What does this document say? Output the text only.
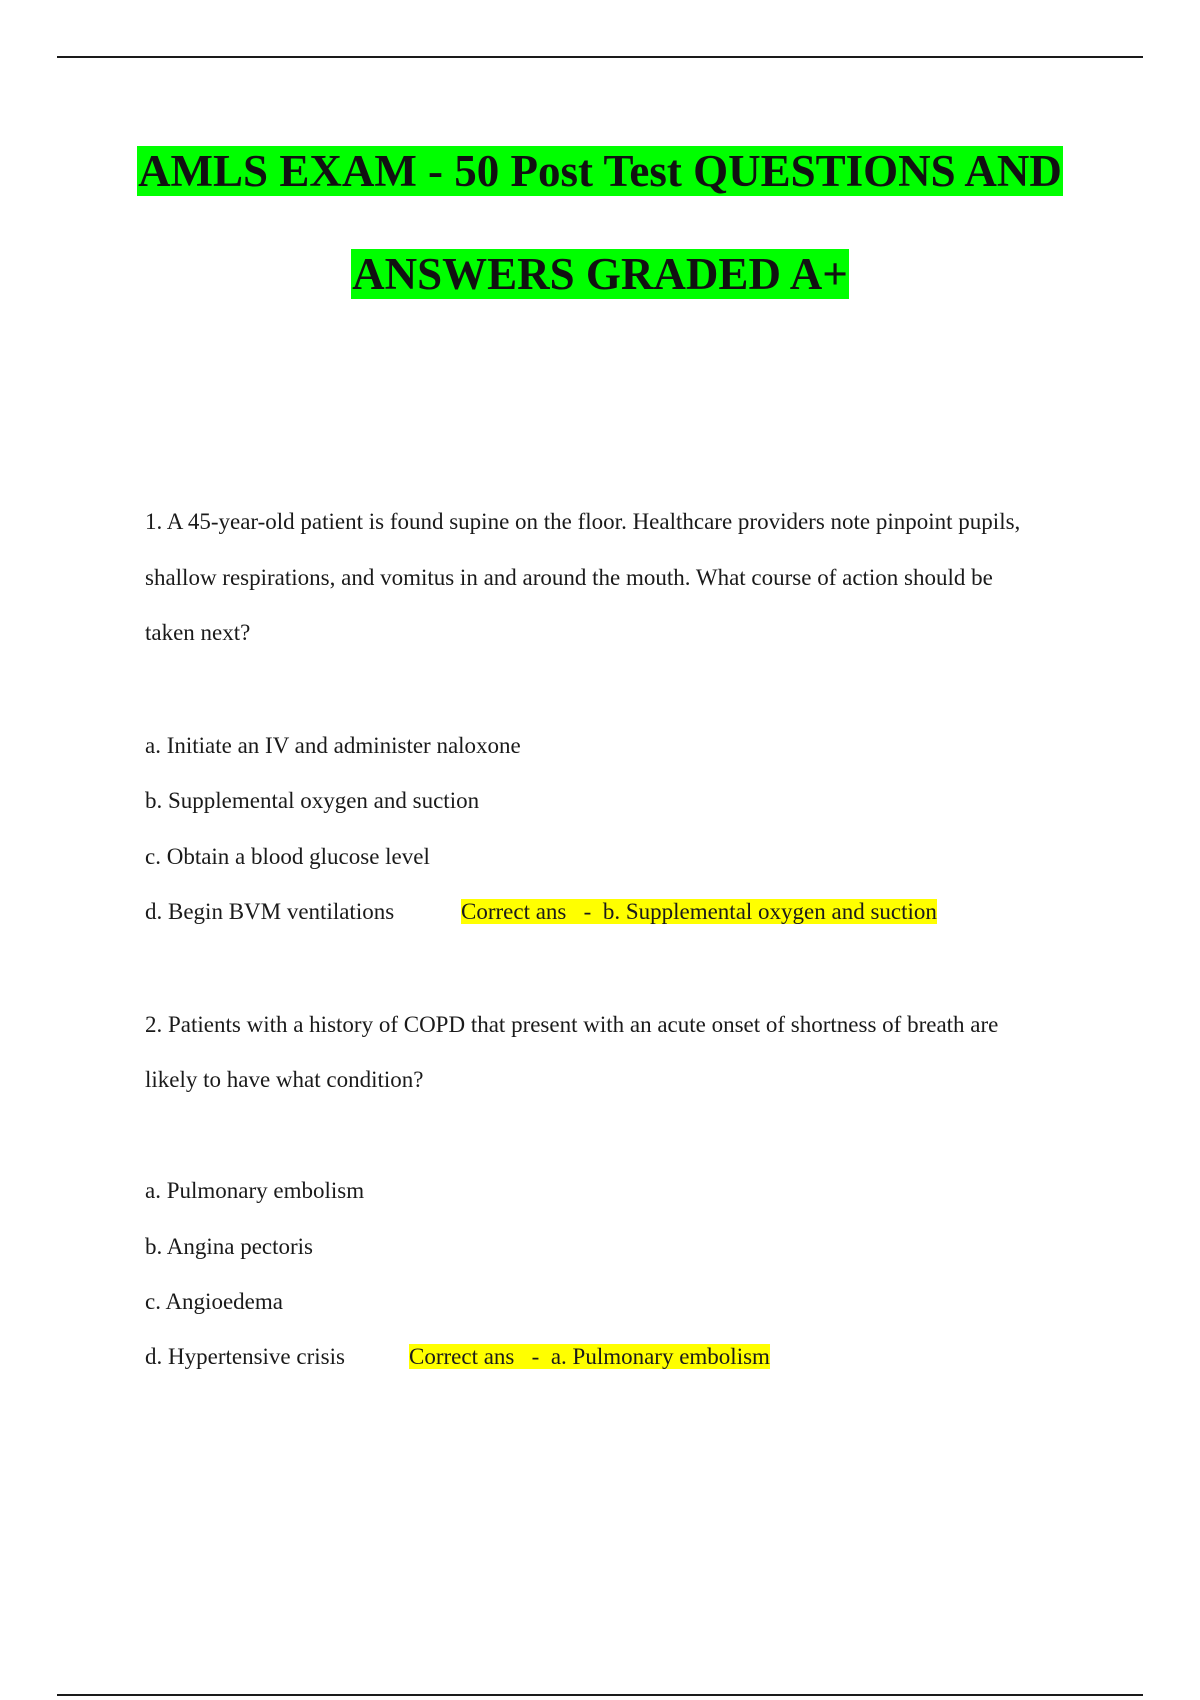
AMLS EXAM - 50 Post Test QUESTIONS AND
ANSWERS GRADED A+
1. A 45-year-old patient is found supine on the floor. Healthcare providers note pinpoint pupils,
shallow respirations, and vomitus in and around the mouth. What course of action should be
taken next?
a. Initiate an IV and administer naloxone
b. Supplemental oxygen and suction
c. Obtain a blood glucose level
d. Begin BVM ventilations	Correct ans - b. Supplemental oxygen and suction
2. Patients with a history of COPD that present with an acute onset of shortness of breath are
likely to have what condition?
a. Pulmonary embolism
b. Angina pectoris
c. Angioedema
d. Hypertensive crisis	Correct ans - a. Pulmonary embolism
